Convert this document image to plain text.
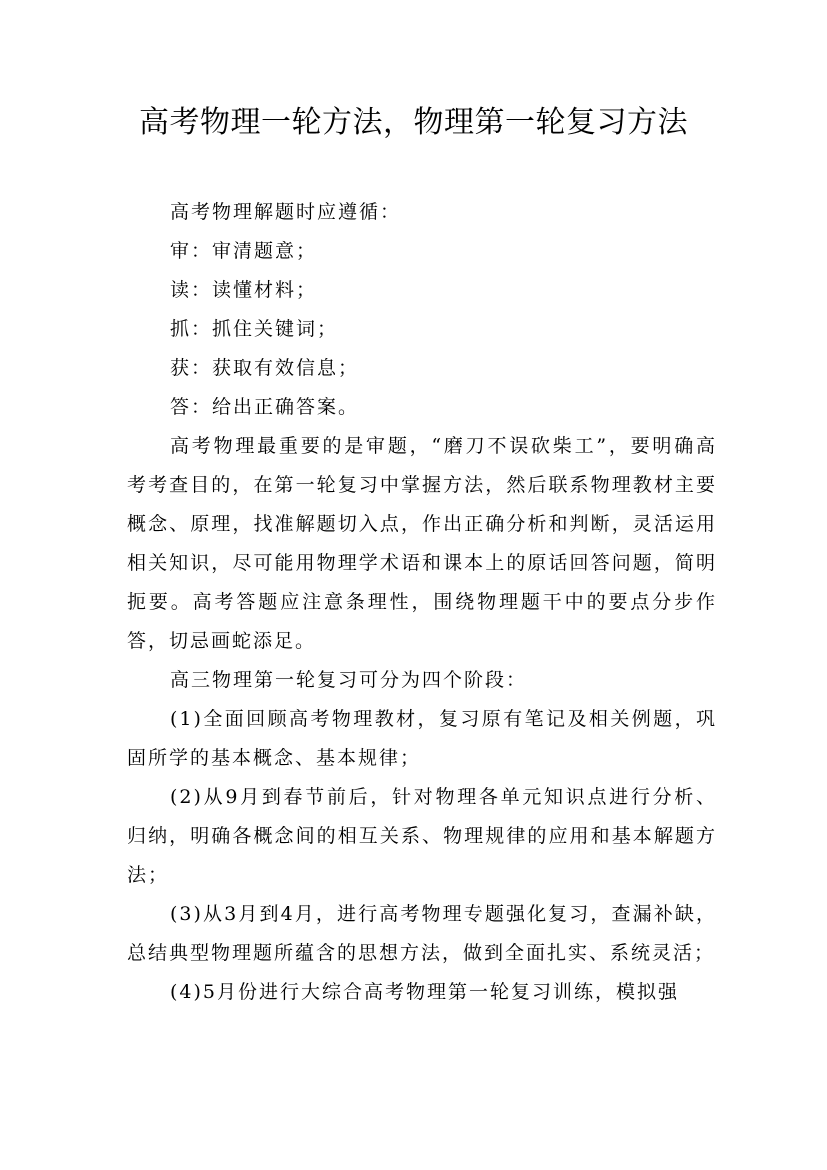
高考物理一轮方法，物理第一轮复习方法

高考物理解题时应遵循：

审：审清题意；

读：读懂材料；

抓：抓住关键词；

获：获取有效信息；

答：给出正确答案。

高考物理最重要的是审题，“磨刀不误砍柴工”，要明确高考考查目的，在第一轮复习中掌握方法，然后联系物理教材主要概念、原理，找准解题切入点，作出正确分析和判断，灵活运用相关知识，尽可能用物理学术语和课本上的原话回答问题，简明扼要。高考答题应注意条理性，围绕物理题干中的要点分步作答，切忌画蛇添足。

高三物理第一轮复习可分为四个阶段：

(1)全面回顾高考物理教材，复习原有笔记及相关例题，巩固所学的基本概念、基本规律；

(2)从9月到春节前后，针对物理各单元知识点进行分析、归纳，明确各概念间的相互关系、物理规律的应用和基本解题方法；

(3)从3月到4月，进行高考物理专题强化复习，查漏补缺，总结典型物理题所蕴含的思想方法，做到全面扎实、系统灵活；

(4)5月份进行大综合高考物理第一轮复习训练，模拟强
